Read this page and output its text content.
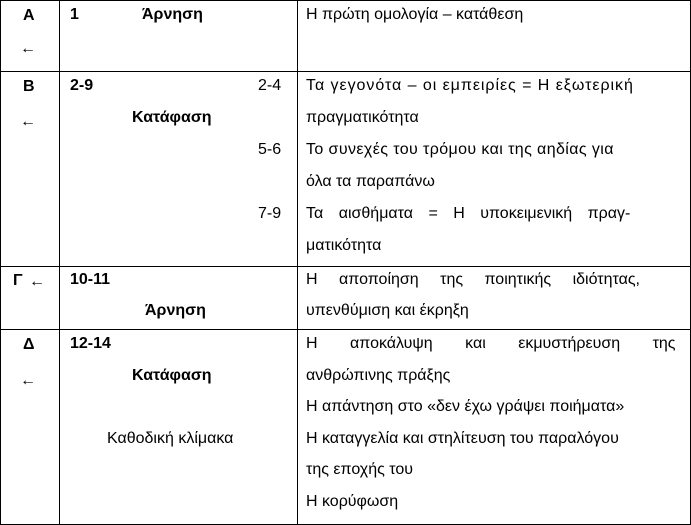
Α
←
1	Άρνηση	Η πρώτη ομολογία – κατάθεση
Β
←
2-9
Κατάφαση
2-4
5-6
7-9
Τα γεγονότα – οι εμπειρίες = Η εξωτερική
πραγματικότητα
Το συνεχές του τρόμου και της αηδίας για
όλα τα παραπάνω
Τα αισθήματα = Η υποκειμενική πραγ-
ματικότητα
Γ ← 10-11
Άρνηση
Η αποποίηση της ποιητικής ιδιότητας,
υπενθύμιση και έκρηξη
Δ
←
12-14
Κατάφαση
Καθοδική κλίμακα
Η αποκάλυψη και εκμυστήρευση της
ανθρώπινης πράξης
Η απάντηση στο «δεν έχω γράψει ποιήματα»
Η καταγγελία και στηλίτευση του παραλόγου
της εποχής του
Η κορύφωση
